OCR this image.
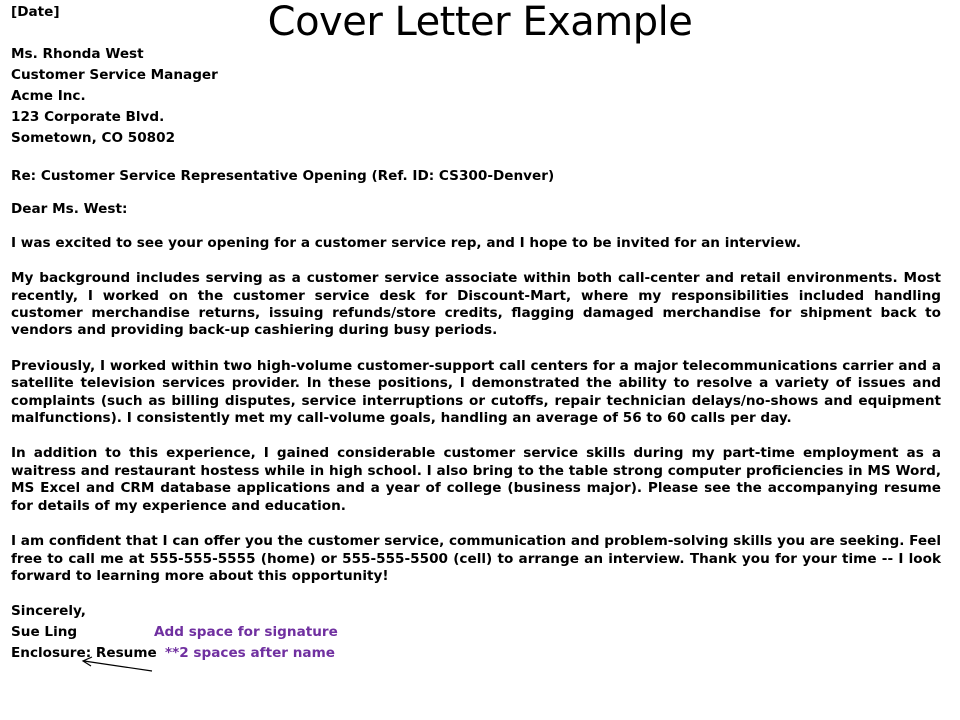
Cover Letter Example
[Date]
Ms. Rhonda West
Customer Service Manager
Acme Inc.
123 Corporate Blvd.
Sometown, CO 50802

Re: Customer Service Representative Opening (Ref. ID: CS300-Denver)

Dear Ms. West:

I was excited to see your opening for a customer service rep, and I hope to be invited for an interview.

My background includes serving as a customer service associate within both call-center and retail environments. Most recently, I worked on the customer service desk for Discount-Mart, where my responsibilities included handling customer merchandise returns, issuing refunds/store credits, flagging damaged merchandise for shipment back to vendors and providing back-up cashiering during busy periods.

Previously, I worked within two high-volume customer-support call centers for a major telecommunications carrier and a satellite television services provider. In these positions, I demonstrated the ability to resolve a variety of issues and complaints (such as billing disputes, service interruptions or cutoffs, repair technician delays/no-shows and equipment malfunctions). I consistently met my call-volume goals, handling an average of 56 to 60 calls per day.

In addition to this experience, I gained considerable customer service skills during my part-time employment as a waitress and restaurant hostess while in high school. I also bring to the table strong computer proficiencies in MS Word, MS Excel and CRM database applications and a year of college (business major). Please see the accompanying resume for details of my experience and education.

I am confident that I can offer you the customer service, communication and problem-solving skills you are seeking. Feel free to call me at 555-555-5555 (home) or 555-555-5500 (cell) to arrange an interview. Thank you for your time -- I look forward to learning more about this opportunity!

Sincerely,
Sue Ling	Add space for signature
Enclosure: Resume **2 spaces after name
